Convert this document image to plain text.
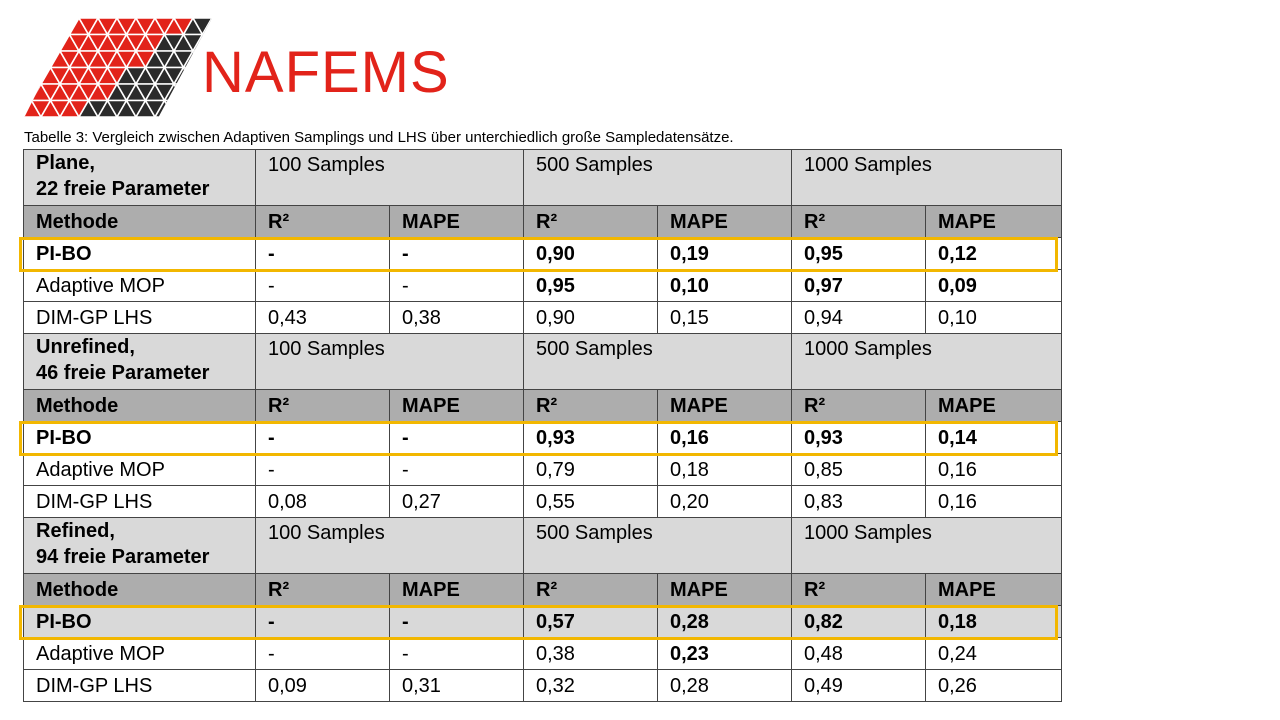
NAFEMS
Tabelle 3: Vergleich zwischen Adaptiven Samplings und LHS über unterchiedlich große Sampledatensätze.
Plane,
22 freie Parameter	100 Samples		500 Samples		1000 Samples	
Methode	R²	MAPE	R²	MAPE	R²	MAPE
PI-BO	-	-	0,90	0,19	0,95	0,12
Adaptive MOP	-	-	0,95	0,10	0,97	0,09
DIM-GP LHS	0,43	0,38	0,90	0,15	0,94	0,10

Unrefined,
46 freie Parameter	100 Samples		500 Samples		1000 Samples	
Methode	R²	MAPE	R²	MAPE	R²	MAPE
PI-BO	-	-	0,93	0,16	0,93	0,14
Adaptive MOP	-	-	0,79	0,18	0,85	0,16
DIM-GP LHS	0,08	0,27	0,55	0,20	0,83	0,16

Refined,
94 freie Parameter	100 Samples		500 Samples		1000 Samples	
Methode	R²	MAPE	R²	MAPE	R²	MAPE
PI-BO	-	-	0,57	0,28	0,82	0,18
Adaptive MOP	-	-	0,38	0,23	0,48	0,24
DIM-GP LHS	0,09	0,31	0,32	0,28	0,49	0,26
